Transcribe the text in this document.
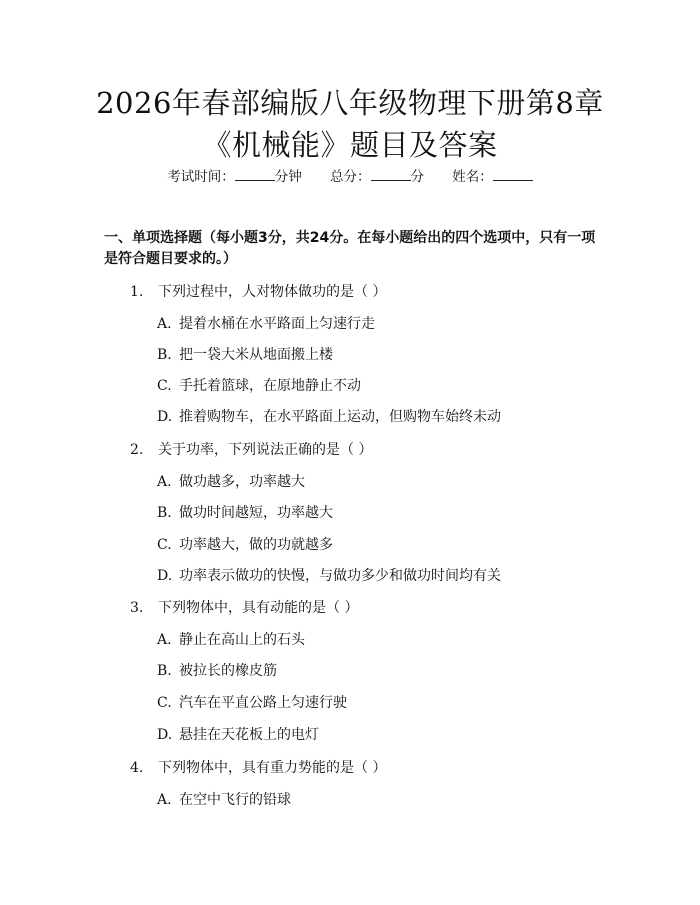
2026年春部编版八年级物理下册第8章《机械能》题目及答案
考试时间：	分钟 总分：	分 姓名：
一、单项选择题（每小题3分，共24分。在每小题给出的四个选项中，只有一项是符合题目要求的。）
1. 下列过程中，人对物体做功的是（ ）
A. 提着水桶在水平路面上匀速行走
B. 把一袋大米从地面搬上楼
C. 手托着篮球，在原地静止不动
D. 推着购物车，在水平路面上运动，但购物车始终未动
2. 关于功率，下列说法正确的是（ ）
A. 做功越多，功率越大
B. 做功时间越短，功率越大
C. 功率越大，做的功就越多
D. 功率表示做功的快慢，与做功多少和做功时间均有关
3. 下列物体中，具有动能的是（ ）
A. 静止在高山上的石头
B. 被拉长的橡皮筋
C. 汽车在平直公路上匀速行驶
D. 悬挂在天花板上的电灯
4. 下列物体中，具有重力势能的是（ ）
A. 在空中飞行的铅球
